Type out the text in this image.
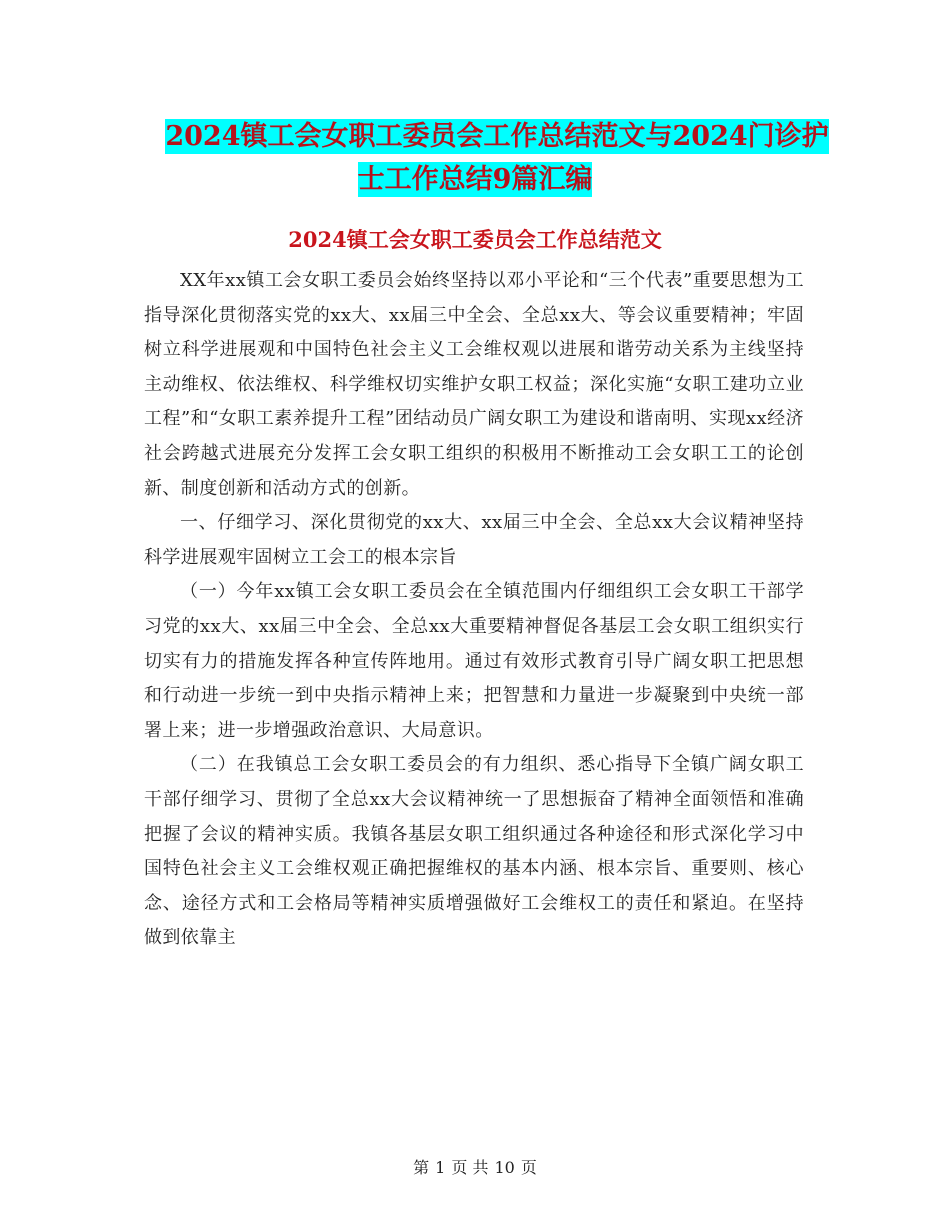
2024镇工会女职工委员会工作总结范文与2024门诊护
士工作总结9篇汇编
2024镇工会女职工委员会工作总结范文

XX年xx镇工会女职工委员会始终坚持以邓小平论和“三个代表”重要思想为工指导深化贯彻落实党的xx大、xx届三中全会、全总xx大、等会议重要精神；牢固树立科学进展观和中国特色社会主义工会维权观以进展和谐劳动关系为主线坚持主动维权、依法维权、科学维权切实维护女职工权益；深化实施“女职工建功立业工程”和“女职工素养提升工程”团结动员广阔女职工为建设和谐南明、实现xx经济社会跨越式进展充分发挥工会女职工组织的积极用不断推动工会女职工工的论创新、制度创新和活动方式的创新。

一、仔细学习、深化贯彻党的xx大、xx届三中全会、全总xx大会议精神坚持科学进展观牢固树立工会工的根本宗旨

（一）今年xx镇工会女职工委员会在全镇范围内仔细组织工会女职工干部学习党的xx大、xx届三中全会、全总xx大重要精神督促各基层工会女职工组织实行切实有力的措施发挥各种宣传阵地用。通过有效形式教育引导广阔女职工把思想和行动进一步统一到中央指示精神上来；把智慧和力量进一步凝聚到中央统一部署上来；进一步增强政治意识、大局意识。

（二）在我镇总工会女职工委员会的有力组织、悉心指导下全镇广阔女职工干部仔细学习、贯彻了全总xx大会议精神统一了思想振奋了精神全面领悟和准确把握了会议的精神实质。我镇各基层女职工组织通过各种途径和形式深化学习中国特色社会主义工会维权观正确把握维权的基本内涵、根本宗旨、重要则、核心念、途径方式和工会格局等精神实质增强做好工会维权工的责任和紧迫。在坚持做到依靠主

第 1 页 共 10 页
